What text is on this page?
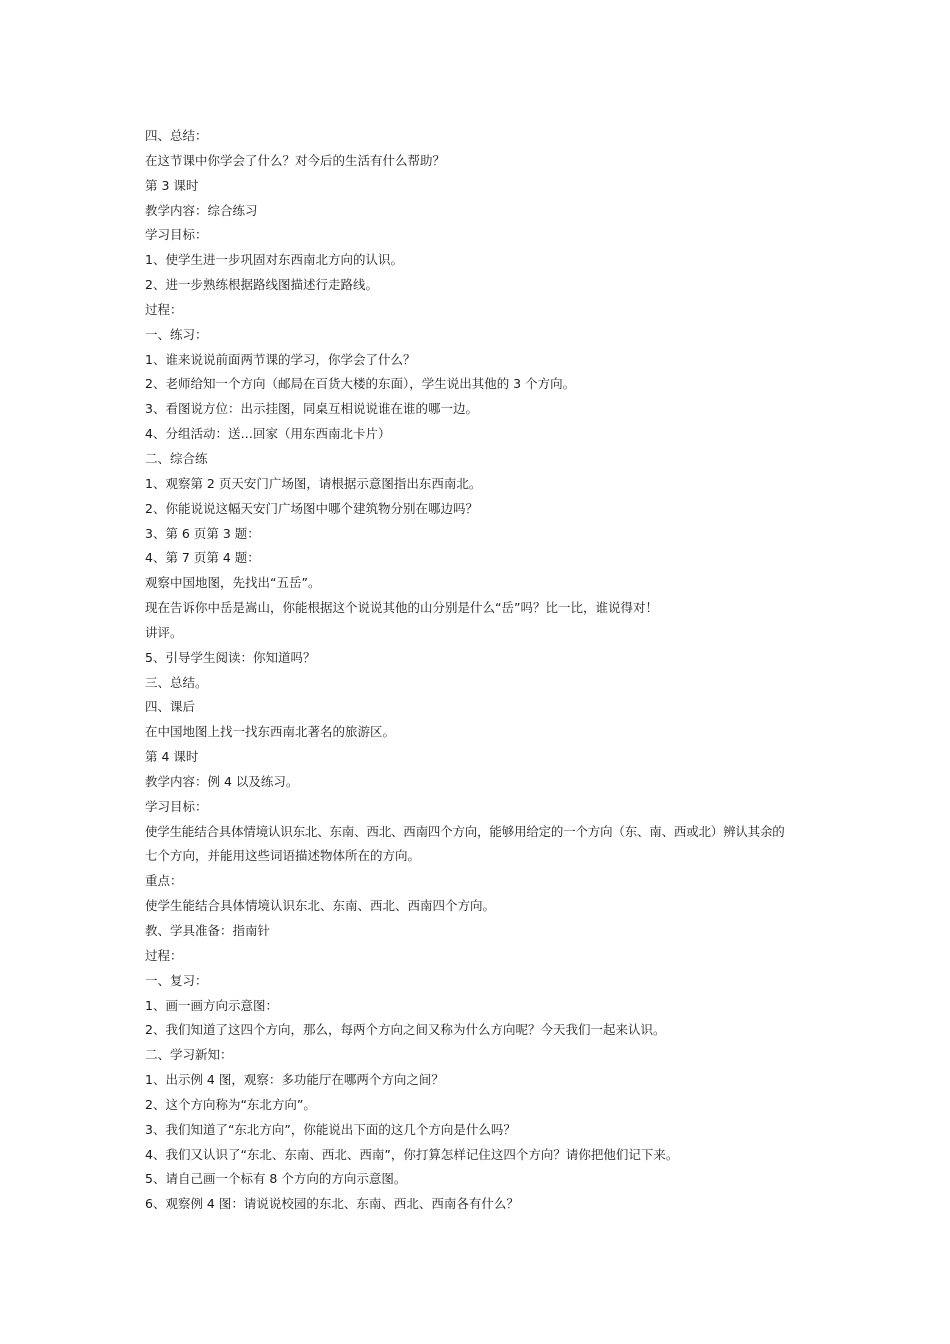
四、总结：
在这节课中你学会了什么？对今后的生活有什么帮助？
第 3 课时
教学内容：综合练习
学习目标：
1、使学生进一步巩固对东西南北方向的认识。
2、进一步熟练根据路线图描述行走路线。
过程：
一、练习：
1、谁来说说前面两节课的学习，你学会了什么？
2、老师给知一个方向（邮局在百货大楼的东面），学生说出其他的 3 个方向。
3、看图说方位：出示挂图，同桌互相说说谁在谁的哪一边。
4、分组活动：送…回家（用东西南北卡片）
二、综合练
1、观察第 2 页天安门广场图，请根据示意图指出东西南北。
2、你能说说这幅天安门广场图中哪个建筑物分别在哪边吗？
3、第 6 页第 3 题：
4、第 7 页第 4 题：
观察中国地图，先找出“五岳”。
现在告诉你中岳是嵩山，你能根据这个说说其他的山分别是什么“岳”吗？比一比，谁说得对！
讲评。
5、引导学生阅读：你知道吗？
三、总结。
四、课后
在中国地图上找一找东西南北著名的旅游区。
第 4 课时
教学内容：例 4 以及练习。
学习目标：
使学生能结合具体情境认识东北、东南、西北、西南四个方向，能够用给定的一个方向（东、南、西或北）辨认其余的
七个方向，并能用这些词语描述物体所在的方向。
重点：
使学生能结合具体情境认识东北、东南、西北、西南四个方向。
教、学具准备：指南针
过程：
一、复习：
1、画一画方向示意图：
2、我们知道了这四个方向，那么，每两个方向之间又称为什么方向呢？今天我们一起来认识。
二、学习新知：
1、出示例 4 图，观察：多功能厅在哪两个方向之间？
2、这个方向称为“东北方向”。
3、我们知道了“东北方向”，你能说出下面的这几个方向是什么吗？
4、我们又认识了“东北、东南、西北、西南”，你打算怎样记住这四个方向？请你把他们记下来。
5、请自己画一个标有 8 个方向的方向示意图。
6、观察例 4 图：请说说校园的东北、东南、西北、西南各有什么？
